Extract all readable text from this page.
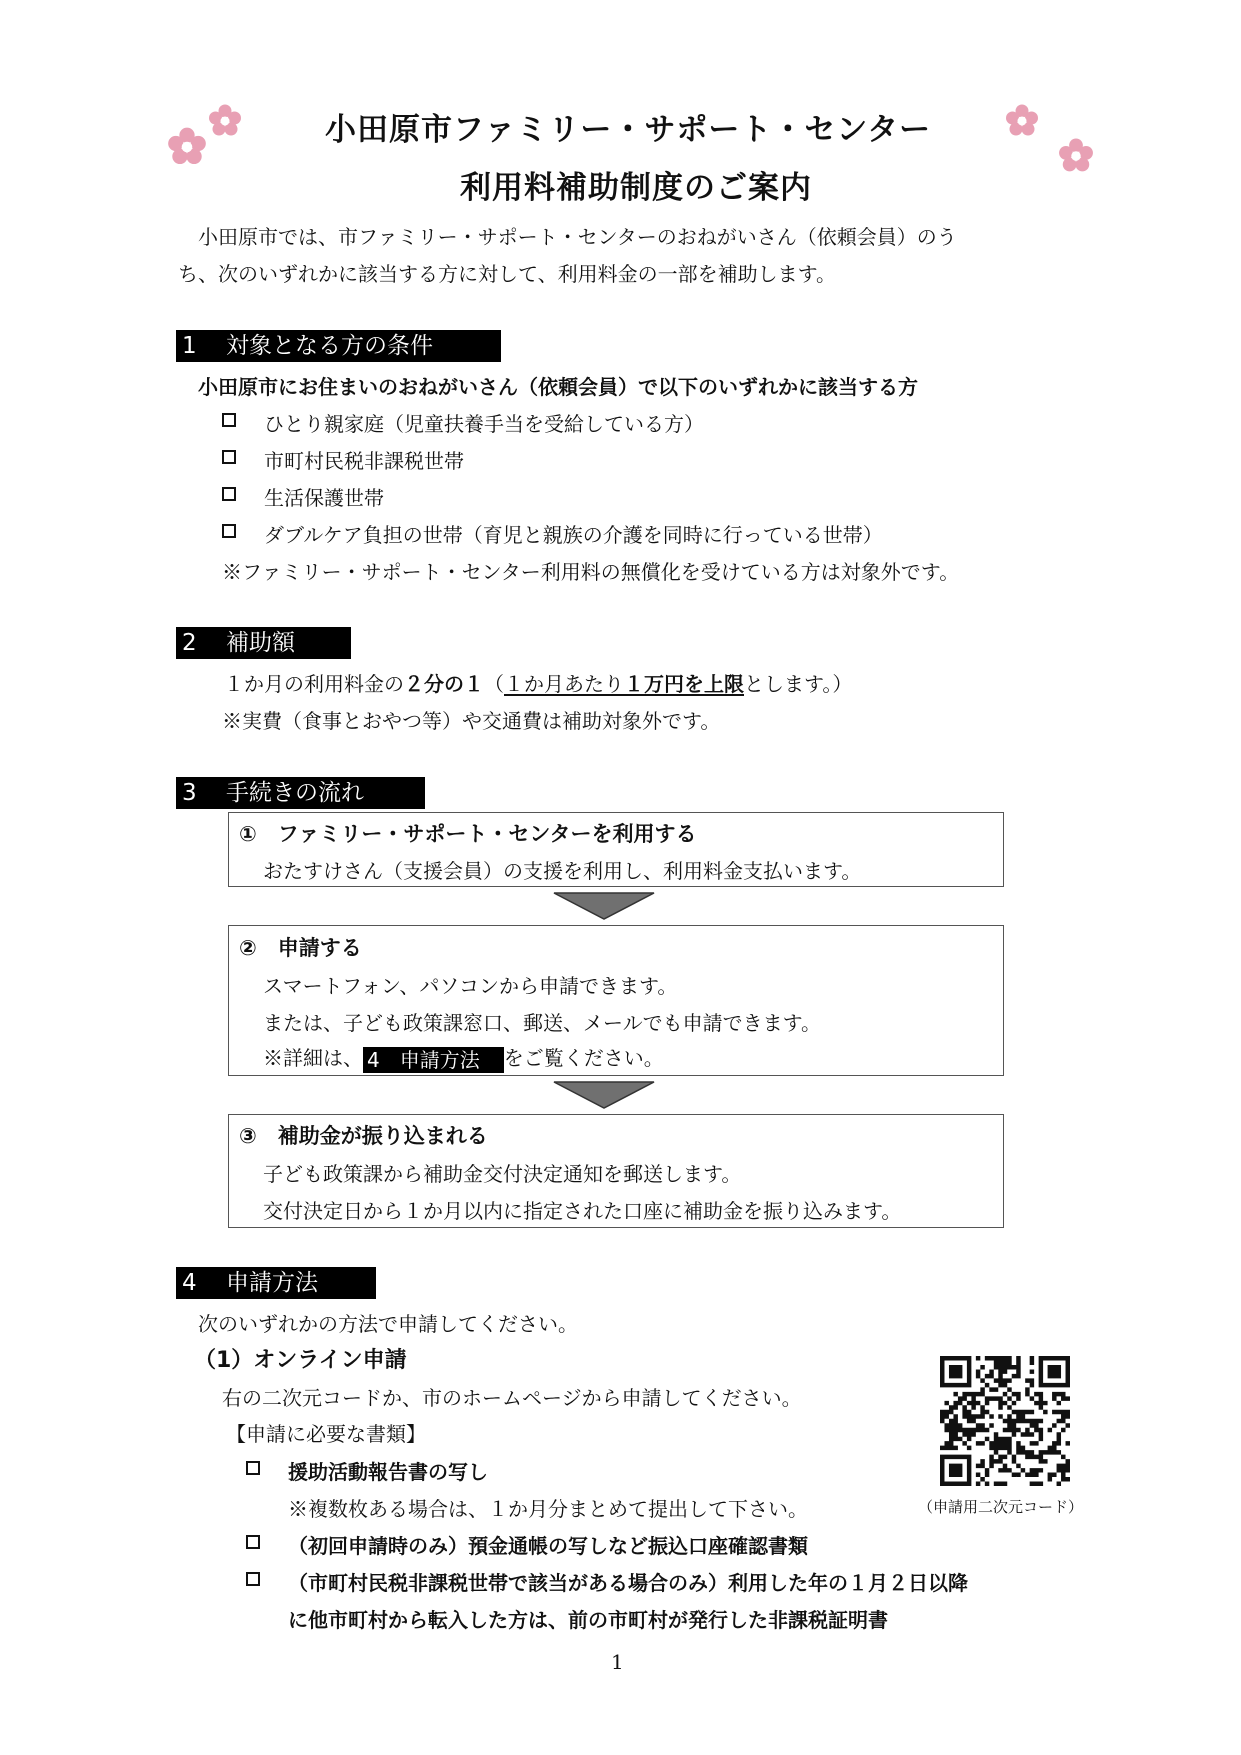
小田原市ファミリー・サポート・センター
利用料補助制度のご案内
　小田原市では、市ファミリー・サポート・センターのおねがいさん（依頼会員）のう
ち、次のいずれかに該当する方に対して、利用料金の一部を補助します。
1 対象となる方の条件
小田原市にお住まいのおねがいさん（依頼会員）で以下のいずれかに該当する方
ひとり親家庭（児童扶養手当を受給している方）
市町村民税非課税世帯
生活保護世帯
ダブルケア負担の世帯（育児と親族の介護を同時に行っている世帯）
※ファミリー・サポート・センター利用料の無償化を受けている方は対象外です。
2 補助額
１か月の利用料金の２分の１（１か月あたり１万円を上限とします。）
※実費（食事とおやつ等）や交通費は補助対象外です。
3 手続きの流れ
①　ファミリー・サポート・センターを利用する
おたすけさん（支援会員）の支援を利用し、利用料金支払います。
②　申請する
スマートフォン、パソコンから申請できます。
または、子ども政策課窓口、郵送、メールでも申請できます。
※詳細は、 4　申請方法 をご覧ください。
③　補助金が振り込まれる
子ども政策課から補助金交付決定通知を郵送します。
交付決定日から１か月以内に指定された口座に補助金を振り込みます。
4 申請方法
次のいずれかの方法で申請してください。
（1）オンライン申請
右の二次元コードか、市のホームページから申請してください。
【申請に必要な書類】
援助活動報告書の写し
※複数枚ある場合は、１か月分まとめて提出して下さい。
（初回申請時のみ）預金通帳の写しなど振込口座確認書類
（市町村民税非課税世帯で該当がある場合のみ）利用した年の１月２日以降
に他市町村から転入した方は、前の市町村が発行した非課税証明書
（申請用二次元コード）
1
